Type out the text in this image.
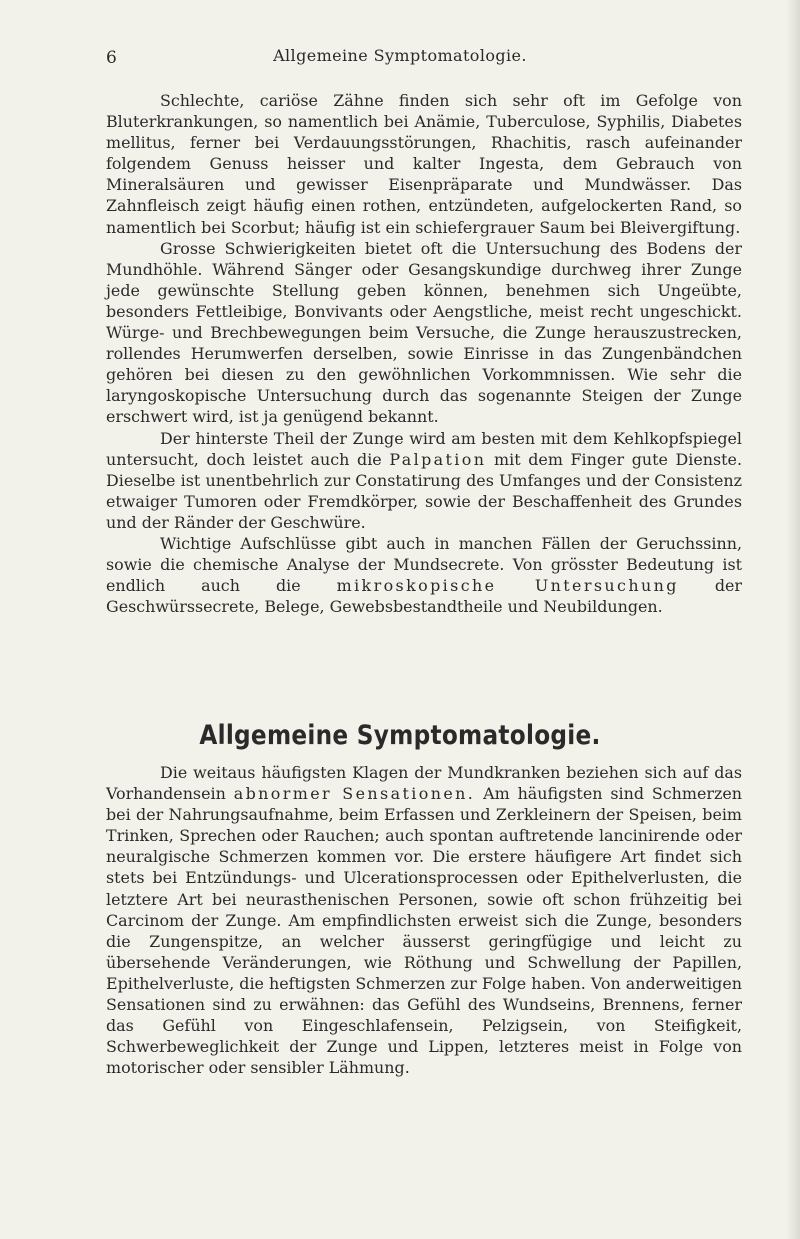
6	Allgemeine Symptomatologie.

Schlechte, cariöse Zähne finden sich sehr oft im Gefolge von Bluterkrankungen, so namentlich bei Anämie, Tuberculose, Syphilis, Diabetes mellitus, ferner bei Verdauungsstörungen, Rhachitis, rasch aufeinander folgendem Genuss heisser und kalter Ingesta, dem Gebrauch von Mineralsäuren und gewisser Eisenpräparate und Mundwässer. Das Zahnfleisch zeigt häufig einen rothen, entzündeten, aufgelockerten Rand, so namentlich bei Scorbut; häufig ist ein schiefergrauer Saum bei Bleivergiftung.

Grosse Schwierigkeiten bietet oft die Untersuchung des Bodens der Mundhöhle. Während Sänger oder Gesangskundige durchweg ihrer Zunge jede gewünschte Stellung geben können, benehmen sich Ungeübte, besonders Fettleibige, Bonvivants oder Aengstliche, meist recht ungeschickt. Würge- und Brechbewegungen beim Versuche, die Zunge herauszustrecken, rollendes Herumwerfen derselben, sowie Einrisse in das Zungenbändchen gehören bei diesen zu den gewöhnlichen Vorkommnissen. Wie sehr die laryngoskopische Untersuchung durch das sogenannte Steigen der Zunge erschwert wird, ist ja genügend bekannt.

Der hinterste Theil der Zunge wird am besten mit dem Kehlkopfspiegel untersucht, doch leistet auch die Palpation mit dem Finger gute Dienste. Dieselbe ist unentbehrlich zur Constatirung des Umfanges und der Consistenz etwaiger Tumoren oder Fremdkörper, sowie der Beschaffenheit des Grundes und der Ränder der Geschwüre.

Wichtige Aufschlüsse gibt auch in manchen Fällen der Geruchssinn, sowie die chemische Analyse der Mundsecrete. Von grösster Bedeutung ist endlich auch die mikroskopische Untersuchung der Geschwürssecrete, Belege, Gewebsbestandtheile und Neubildungen.

Allgemeine Symptomatologie.

Die weitaus häufigsten Klagen der Mundkranken beziehen sich auf das Vorhandensein abnormer Sensationen. Am häufigsten sind Schmerzen bei der Nahrungsaufnahme, beim Erfassen und Zerkleinern der Speisen, beim Trinken, Sprechen oder Rauchen; auch spontan auftretende lancinirende oder neuralgische Schmerzen kommen vor. Die erstere häufigere Art findet sich stets bei Entzündungs- und Ulcerationsprocessen oder Epithelverlusten, die letztere Art bei neurasthenischen Personen, sowie oft schon frühzeitig bei Carcinom der Zunge. Am empfindlichsten erweist sich die Zunge, besonders die Zungenspitze, an welcher äusserst geringfügige und leicht zu übersehende Veränderungen, wie Röthung und Schwellung der Papillen, Epithelverluste, die heftigsten Schmerzen zur Folge haben. Von anderweitigen Sensationen sind zu erwähnen: das Gefühl des Wundseins, Brennens, ferner das Gefühl von Eingeschlafensein, Pelzigsein, von Steifigkeit, Schwerbeweglichkeit der Zunge und Lippen, letzteres meist in Folge von motorischer oder sensibler Lähmung.
